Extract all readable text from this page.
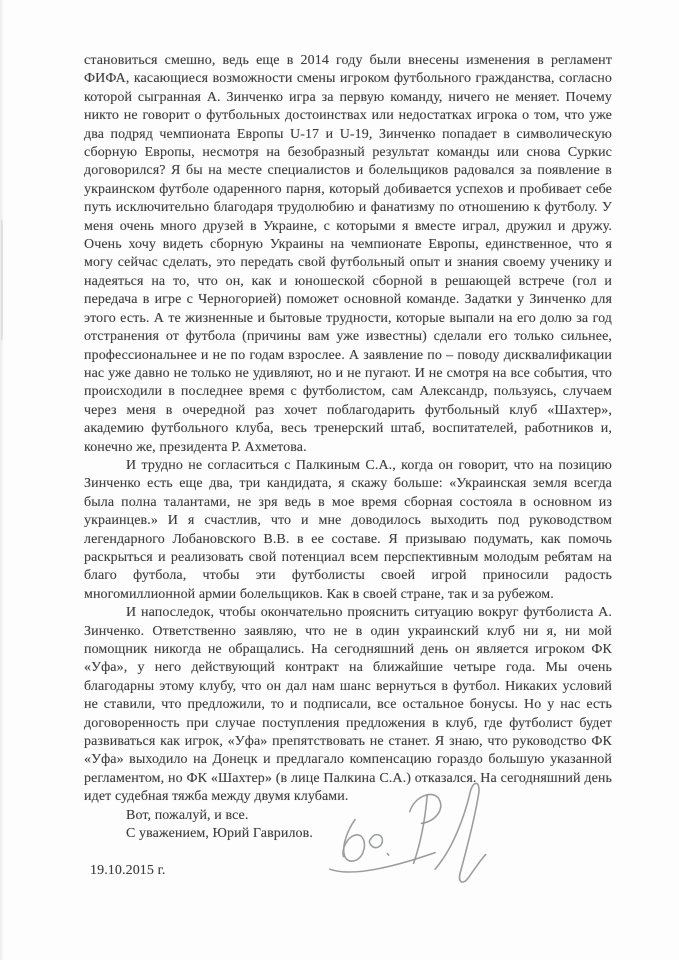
становиться смешно, ведь еще в 2014 году были внесены изменения в регламент ФИФА, касающиеся возможности смены игроком футбольного гражданства, согласно которой сыгранная А. Зинченко игра за первую команду, ничего не меняет. Почему никто не говорит о футбольных достоинствах или недостатках игрока о том, что уже два подряд чемпионата Европы U-17 и U-19, Зинченко попадает в символическую сборную Европы, несмотря на безобразный результат команды или снова Суркис договорился? Я бы на месте специалистов и болельщиков радовался за появление в украинском футболе одаренного парня, который добивается успехов и пробивает себе путь исключительно благодаря трудолюбию и фанатизму по отношению к футболу. У меня очень много друзей в Украине, с которыми я вместе играл, дружил и дружу. Очень хочу видеть сборную Украины на чемпионате Европы, единственное, что я могу сейчас сделать, это передать свой футбольный опыт и знания своему ученику и надеяться на то, что он, как и юношеской сборной в решающей встрече (гол и передача в игре с Черногорией) поможет основной команде. Задатки у Зинченко для этого есть. А те жизненные и бытовые трудности, которые выпали на его долю за год отстранения от футбола (причины вам уже известны) сделали его только сильнее, профессиональнее и не по годам взрослее. А заявление по – поводу дисквалификации нас уже давно не только не удивляют, но и не пугают. И не смотря на все события, что происходили в последнее время с футболистом, сам Александр, пользуясь, случаем через меня в очередной раз хочет поблагодарить футбольный клуб «Шахтер», академию футбольного клуба, весь тренерский штаб, воспитателей, работников и, конечно же, президента Р. Ахметова.

И трудно не согласиться с Палкиным С.А., когда он говорит, что на позицию Зинченко есть еще два, три кандидата, я скажу больше: «Украинская земля всегда была полна талантами, не зря ведь в мое время сборная состояла в основном из украинцев.» И я счастлив, что и мне доводилось выходить под руководством легендарного Лобановского В.В. в ее составе. Я призываю подумать, как помочь раскрыться и реализовать свой потенциал всем перспективным молодым ребятам на благо футбола, чтобы эти футболисты своей игрой приносили радость многомиллионной армии болельщиков. Как в своей стране, так и за рубежом.

И напоследок, чтобы окончательно прояснить ситуацию вокруг футболиста А. Зинченко. Ответственно заявляю, что не в один украинский клуб ни я, ни мой помощник никогда не обращались. На сегодняшний день он является игроком ФК «Уфа», у него действующий контракт на ближайшие четыре года. Мы очень благодарны этому клубу, что он дал нам шанс вернуться в футбол. Никаких условий не ставили, что предложили, то и подписали, все остальное бонусы. Но у нас есть договоренность при случае поступления предложения в клуб, где футболист будет развиваться как игрок, «Уфа» препятствовать не станет. Я знаю, что руководство ФК «Уфа» выходило на Донецк и предлагало компенсацию гораздо большую указанной регламентом, но ФК «Шахтер» (в лице Палкина С.А.) отказался. На сегодняшний день идет судебная тяжба между двумя клубами.

Вот, пожалуй, и все.

С уважением, Юрий Гаврилов.

19.10.2015 г.
